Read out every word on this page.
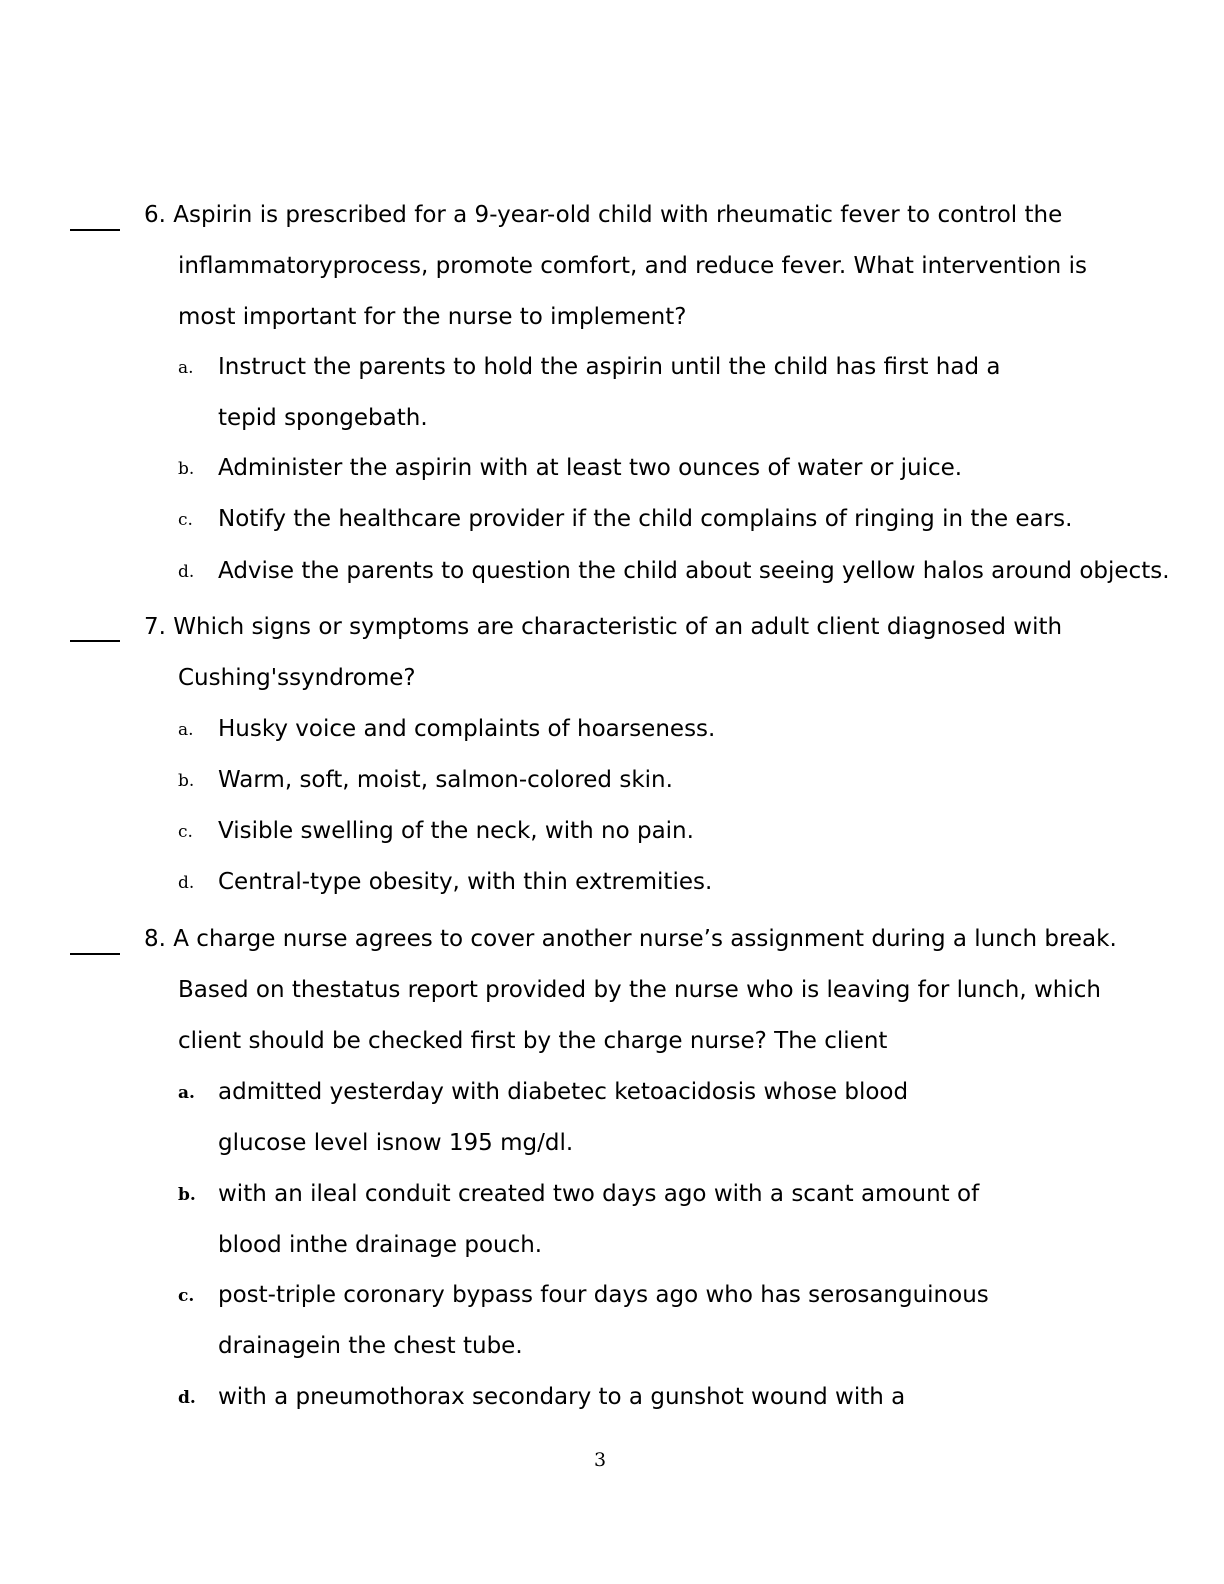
6. Aspirin is prescribed for a 9-year-old child with rheumatic fever to control the
inflammatoryprocess, promote comfort, and reduce fever. What intervention is
most important for the nurse to implement?
a. Instruct the parents to hold the aspirin until the child has first had a
tepid spongebath.
b. Administer the aspirin with at least two ounces of water or juice.
c. Notify the healthcare provider if the child complains of ringing in the ears.
d. Advise the parents to question the child about seeing yellow halos around objects.
7. Which signs or symptoms are characteristic of an adult client diagnosed with
Cushing'ssyndrome?
a. Husky voice and complaints of hoarseness.
b. Warm, soft, moist, salmon-colored skin.
c. Visible swelling of the neck, with no pain.
d. Central-type obesity, with thin extremities.
8. A charge nurse agrees to cover another nurse’s assignment during a lunch break.
Based on thestatus report provided by the nurse who is leaving for lunch, which
client should be checked first by the charge nurse? The client
a. admitted yesterday with diabetec ketoacidosis whose blood
glucose level isnow 195 mg/dl.
b. with an ileal conduit created two days ago with a scant amount of
blood inthe drainage pouch.
c. post-triple coronary bypass four days ago who has serosanguinous
drainagein the chest tube.
d. with a pneumothorax secondary to a gunshot wound with a
3
